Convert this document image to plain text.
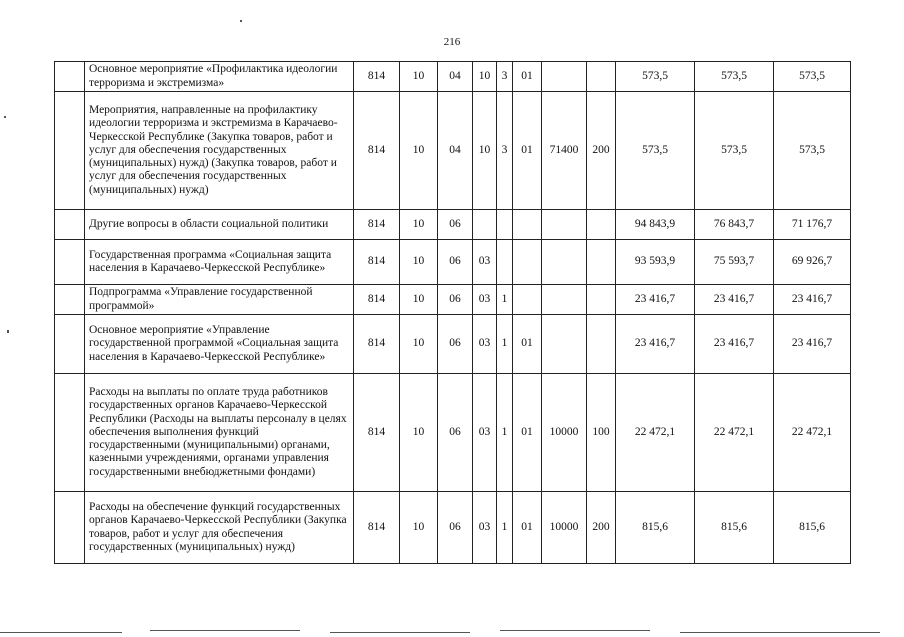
216
	Основное мероприятие «Профилактика идеологии терроризма и экстремизма»	814	10	04	10	3	01			573,5	573,5	573,5
	Мероприятия, направленные на профилактику идеологии терроризма и экстремизма в Карачаево-Черкесской Республике (Закупка товаров, работ и услуг для обеспечения государственных (муниципальных) нужд) (Закупка товаров, работ и услуг для обеспечения государственных (муниципальных) нужд)	814	10	04	10	3	01	71400	200	573,5	573,5	573,5
	Другие вопросы в области социальной политики	814	10	06						94 843,9	76 843,7	71 176,7
	Государственная программа «Социальная защита населения в Карачаево-Черкесской Республике»	814	10	06	03					93 593,9	75 593,7	69 926,7
	Подпрограмма «Управление государственной программой»	814	10	06	03	1				23 416,7	23 416,7	23 416,7
	Основное мероприятие «Управление государственной программой «Социальная защита населения в Карачаево-Черкесской Республике»	814	10	06	03	1	01			23 416,7	23 416,7	23 416,7
	Расходы на выплаты по оплате труда работников государственных органов Карачаево-Черкесской Республики (Расходы на выплаты персоналу в целях обеспечения выполнения функций государственными (муниципальными) органами, казенными учреждениями, органами управления государственными внебюджетными фондами)	814	10	06	03	1	01	10000	100	22 472,1	22 472,1	22 472,1
	Расходы на обеспечение функций государственных органов Карачаево-Черкесской Республики (Закупка товаров, работ и услуг для обеспечения государственных (муниципальных) нужд)	814	10	06	03	1	01	10000	200	815,6	815,6	815,6
